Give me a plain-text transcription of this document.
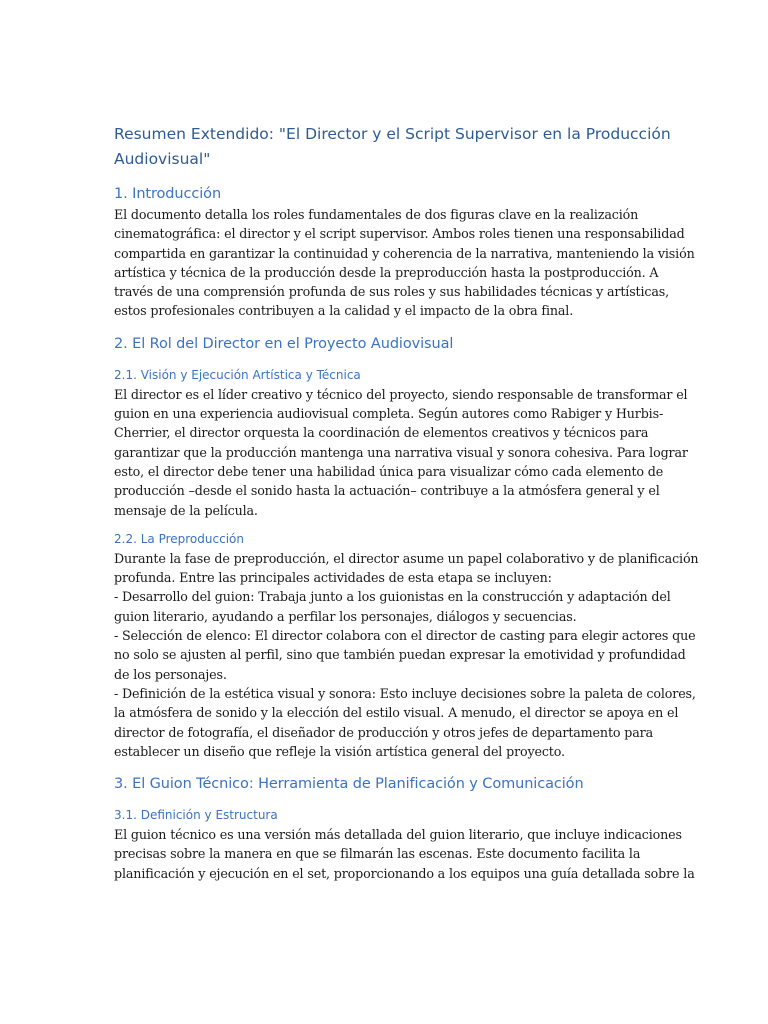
Resumen Extendido: "El Director y el Script Supervisor en la Producción
Audiovisual"
1. Introducción

El documento detalla los roles fundamentales de dos figuras clave en la realización
cinematográfica: el director y el script supervisor. Ambos roles tienen una responsabilidad
compartida en garantizar la continuidad y coherencia de la narrativa, manteniendo la visión
artística y técnica de la producción desde la preproducción hasta la postproducción. A
través de una comprensión profunda de sus roles y sus habilidades técnicas y artísticas,
estos profesionales contribuyen a la calidad y el impacto de la obra final.

2. El Rol del Director en el Proyecto Audiovisual
2.1. Visión y Ejecución Artística y Técnica

El director es el líder creativo y técnico del proyecto, siendo responsable de transformar el
guion en una experiencia audiovisual completa. Según autores como Rabiger y Hurbis-
Cherrier, el director orquesta la coordinación de elementos creativos y técnicos para
garantizar que la producción mantenga una narrativa visual y sonora cohesiva. Para lograr
esto, el director debe tener una habilidad única para visualizar cómo cada elemento de
producción –desde el sonido hasta la actuación– contribuye a la atmósfera general y el
mensaje de la película.

2.2. La Preproducción

Durante la fase de preproducción, el director asume un papel colaborativo y de planificación
profunda. Entre las principales actividades de esta etapa se incluyen:
- Desarrollo del guion: Trabaja junto a los guionistas en la construcción y adaptación del
guion literario, ayudando a perfilar los personajes, diálogos y secuencias.
- Selección de elenco: El director colabora con el director de casting para elegir actores que
no solo se ajusten al perfil, sino que también puedan expresar la emotividad y profundidad
de los personajes.
- Definición de la estética visual y sonora: Esto incluye decisiones sobre la paleta de colores,
la atmósfera de sonido y la elección del estilo visual. A menudo, el director se apoya en el
director de fotografía, el diseñador de producción y otros jefes de departamento para
establecer un diseño que refleje la visión artística general del proyecto.

3. El Guion Técnico: Herramienta de Planificación y Comunicación
3.1. Definición y Estructura

El guion técnico es una versión más detallada del guion literario, que incluye indicaciones
precisas sobre la manera en que se filmarán las escenas. Este documento facilita la
planificación y ejecución en el set, proporcionando a los equipos una guía detallada sobre la
